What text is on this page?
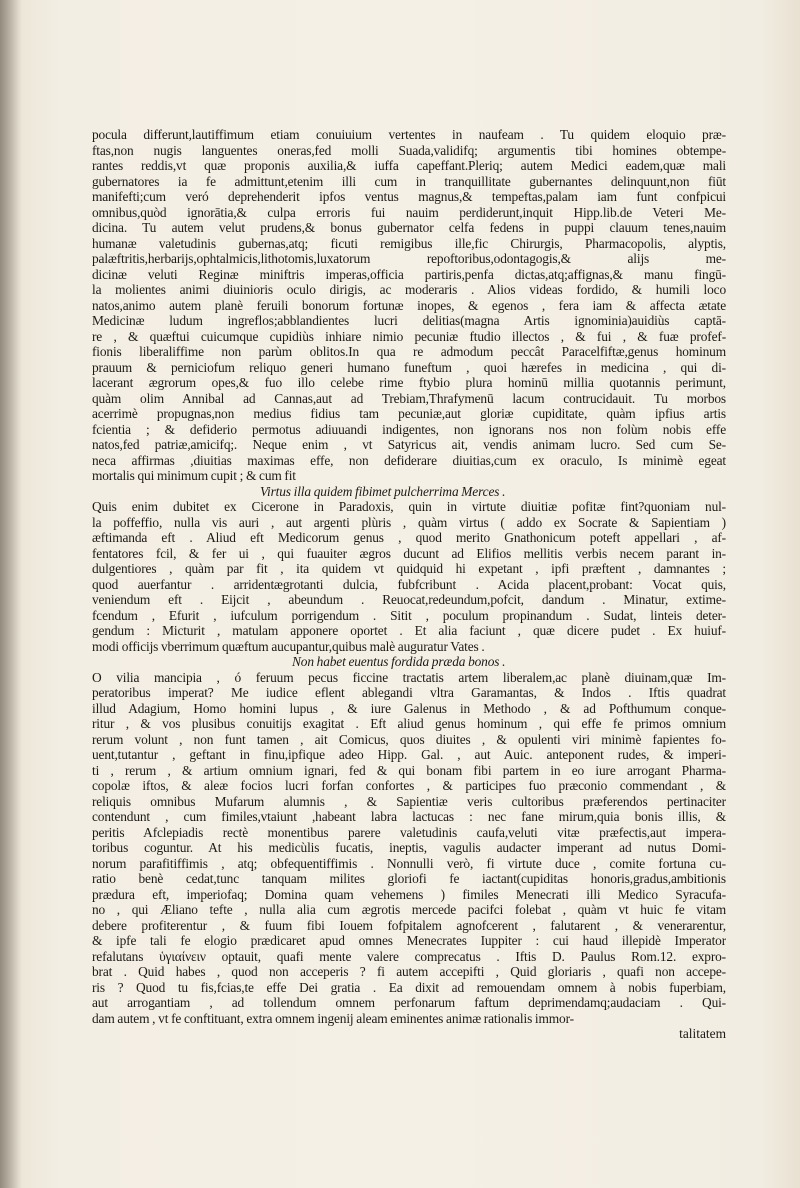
pocula differunt,lautiffimum etiam conuiuium vertentes in naufeam . Tu quidem eloquio præ-
ftas,non nugis languentes oneras,fed molli Suada,validifq; argumentis tibi homines obtempe-
rantes reddis,vt quæ proponis auxilia,& iuffa capeffant.Pleriq; autem Medici eadem,quæ mali
gubernatores ia fe admittunt,etenim illi cum in tranquillitate gubernantes delinquunt,non fiūt
manifefti;cum veró deprehenderit ipfos ventus magnus,& tempeftas,palam iam funt confpicui
omnibus,quòd ignorātia,& culpa erroris fui nauim perdiderunt,inquit Hipp.lib.de Veteri Me-
dicina. Tu autem velut prudens,& bonus gubernator celfa fedens in puppi clauum tenes,nauim
humanæ valetudinis gubernas,atq; ficuti remigibus ille,fic Chirurgis, Pharmacopolis, alyptis,
palæftritis,herbarijs,ophtalmicis,lithotomis,luxatorum repoftoribus,odontagogis,& alijs me-
dicinæ veluti Reginæ miniftris imperas,officia partiris,penfa dictas,atq;affignas,& manu fingū-
la molientes animi diuinioris oculo dirigis, ac moderaris . Alios videas fordido, & humili loco
natos,animo autem planè feruili bonorum fortunæ inopes, & egenos , fera iam & affecta ætate
Medicinæ ludum ingreflos;abblandientes lucri delitias(magna Artis ignominia)auidiùs captā-
re , & quæftui cuicumque cupidiùs inhiare nimio pecuniæ ftudio illectos , & fui , & fuæ profef-
fionis liberaliffime non parùm oblitos.In qua re admodum peccât Paracelfiftæ,genus hominum
prauum & perniciofum reliquo generi humano funeftum , quoi hærefes in medicina , qui di-
lacerant ægrorum opes,& fuo illo celebe rime ftybio plura hominū millia quotannis perimunt,
quàm olim Annibal ad Cannas,aut ad Trebiam,Thrafymenū lacum contrucidauit. Tu morbos
acerrimè propugnas,non medius fidius tam pecuniæ,aut gloriæ cupiditate, quàm ipfius artis
fcientia ; & defiderio permotus adiuuandi indigentes, non ignorans nos non folùm nobis effe
natos,fed patriæ,amicifq;. Neque enim , vt Satyricus ait, vendis animam lucro. Sed cum Se-
neca affirmas ,diuitias maximas effe, non defiderare diuitias,cum ex oraculo, Is minimè egeat
mortalis qui minimum cupit ; & cum fit
Virtus illa quidem fibimet pulcherrima Merces .
Quis enim dubitet ex Cicerone in Paradoxis, quin in virtute diuitiæ pofitæ fint?quoniam nul-
la poffeffio, nulla vis auri , aut argenti plùris , quàm virtus ( addo ex Socrate & Sapientiam )
æftimanda eft . Aliud eft Medicorum genus , quod merito Gnathonicum poteft appellari , af-
fentatores fcil, & fer ui , qui fuauiter ægros ducunt ad Elifios mellitis verbis necem parant in-
dulgentiores , quàm par fit , ita quidem vt quidquid hi expetant , ipfi præftent , damnantes ;
quod auerfantur . arridentægrotanti dulcia, fubfcribunt . Acida placent,probant: Vocat quis,
veniendum eft . Eijcit , abeundum . Reuocat,redeundum,pofcit, dandum . Minatur, extime-
fcendum , Efurit , iufculum porrigendum . Sitit , poculum propinandum . Sudat, linteis deter-
gendum : Micturit , matulam apponere oportet . Et alia faciunt , quæ dicere pudet . Ex huiuf-
modi officijs vberrimum quæftum aucupantur,quibus malè auguratur Vates .
Non habet euentus fordida præda bonos .
O vilia mancipia , ó feruum pecus ficcine tractatis artem liberalem,ac planè diuinam,quæ Im-
peratoribus imperat? Me iudice eflent ablegandi vltra Garamantas, & Indos . Iftis quadrat
illud Adagium, Homo homini lupus , & iure Galenus in Methodo , & ad Pofthumum conque-
ritur , & vos plusibus conuitijs exagitat . Eft aliud genus hominum , qui effe fe primos omnium
rerum volunt , non funt tamen , ait Comicus, quos diuites , & opulenti viri minimè fapientes fo-
uent,tutantur , geftant in finu,ipfique adeo Hipp. Gal. , aut Auic. anteponent rudes, & imperi-
ti , rerum , & artium omnium ignari, fed & qui bonam fibi partem in eo iure arrogant Pharma-
copolæ iftos, & aleæ focios lucri forfan confortes , & participes fuo præconio commendant , &
reliquis omnibus Mufarum alumnis , & Sapientiæ veris cultoribus præferendos pertinaciter
contendunt , cum fimiles,vtaiunt ,habeant labra lactucas : nec fane mirum,quia bonis illis, &
peritis Afclepiadis rectè monentibus parere valetudinis caufa,veluti vitæ præfectis,aut impera-
toribus coguntur. At his medicùlis fucatis, ineptis, vagulis audacter imperant ad nutus Domi-
norum parafitiffimis , atq; obfequentiffimis . Nonnulli verò, fi virtute duce , comite fortuna cu-
ratio benè cedat,tunc tanquam milites gloriofi fe iactant(cupiditas honoris,gradus,ambitionis
prædura eft, imperiofaq; Domina quam vehemens ) fimiles Menecrati illi Medico Syracufa-
no , qui Æliano tefte , nulla alia cum ægrotis mercede pacifci folebat , quàm vt huic fe vitam
debere profiterentur , & fuum fibi Iouem fofpitalem agnofcerent , falutarent , & venerarentur,
& ipfe tali fe elogio prædicaret apud omnes Menecrates Iuppiter : cui haud illepidè Imperator
refalutans ὑγιαίνειν optauit, quafi mente valere comprecatus . Iftis D. Paulus Rom.12. expro-
brat . Quid habes , quod non acceperis ? fi autem accepifti , Quid gloriaris , quafi non accepe-
ris ? Quod tu fis,fcias,te effe Dei gratia . Ea dixit ad remouendam omnem à nobis fuperbiam,
aut arrogantiam , ad tollendum omnem perfonarum faftum deprimendamq;audaciam . Qui-
dam autem , vt fe conftituant, extra omnem ingenij aleam eminentes animæ rationalis immor-
talitatem
